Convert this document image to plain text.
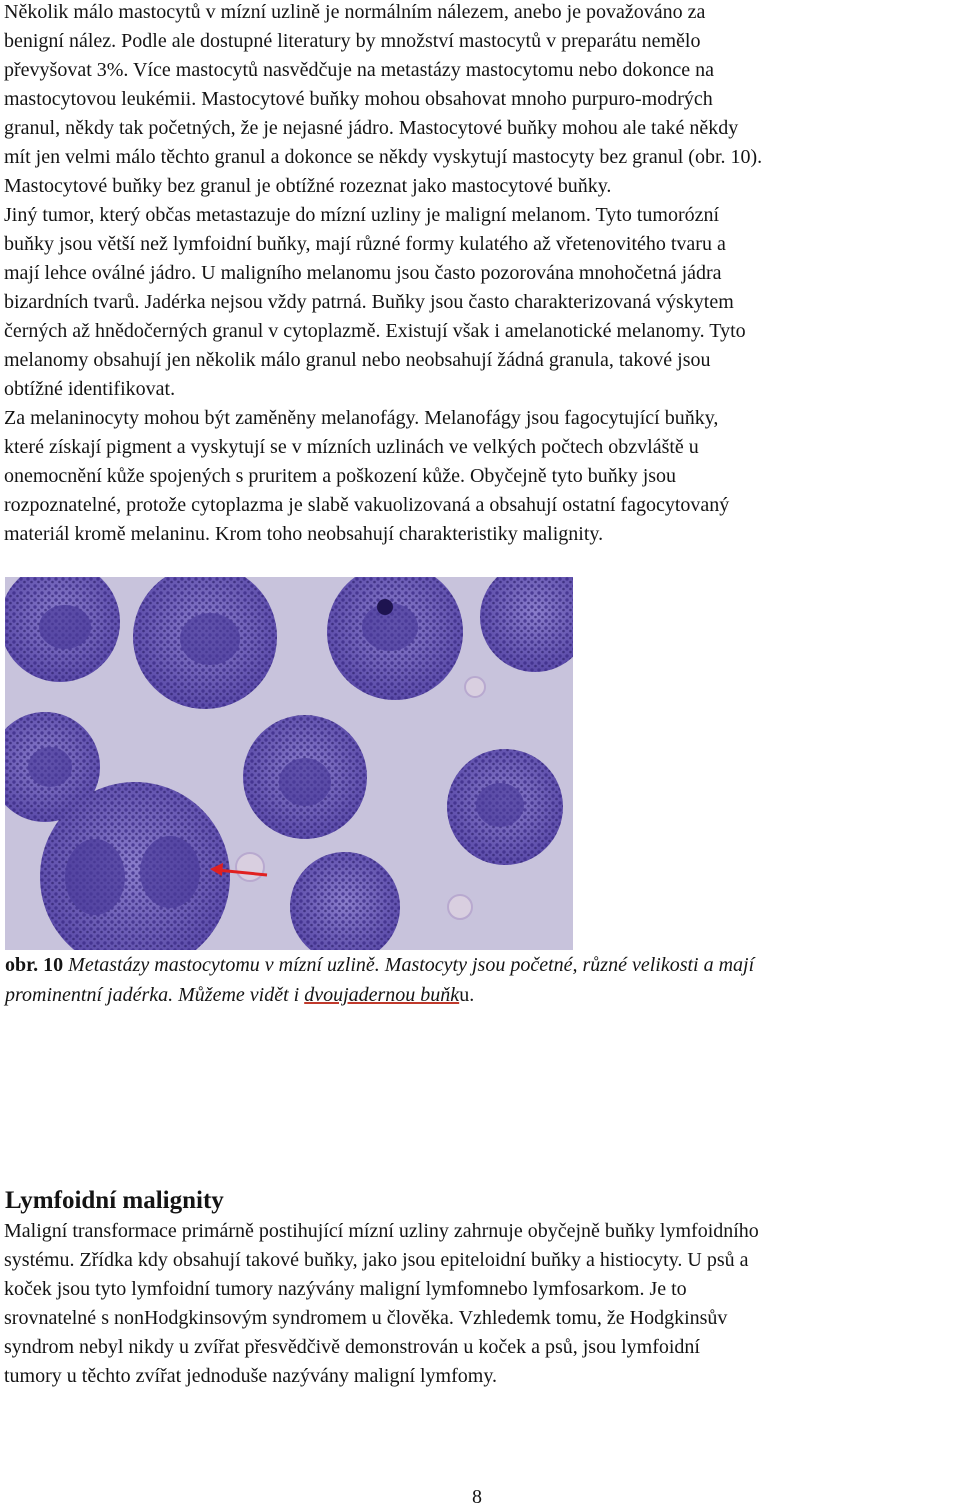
Několik málo mastocytů v mízní uzlině je normálním nálezem, anebo je považováno za
benigní nález. Podle ale dostupné literatury by množství mastocytů v preparátu nemělo
převyšovat 3%. Více mastocytů nasvědčuje na metastázy mastocytomu nebo dokonce na
mastocytovou leukémii. Mastocytové buňky mohou obsahovat mnoho purpuro-modrých
granul, někdy tak početných, že je nejasné jádro. Mastocytové buňky mohou ale také někdy
mít jen velmi málo těchto granul a dokonce se někdy vyskytují mastocyty bez granul (obr. 10).
Mastocytové buňky bez granul je obtížné rozeznat jako mastocytové buňky.
Jiný tumor, který občas metastazuje do mízní uzliny je maligní melanom. Tyto tumorózní
buňky jsou větší než lymfoidní buňky, mají různé formy kulatého až vřetenovitého tvaru a
mají lehce oválné jádro. U maligního melanomu jsou často pozorována mnohočetná jádra
bizardních tvarů. Jadérka nejsou vždy patrná. Buňky jsou často charakterizovaná výskytem
černých až hnědočerných granul v cytoplazmě. Existují však i amelanotické melanomy. Tyto
melanomy obsahují jen několik málo granul nebo neobsahují žádná granula, takové jsou
obtížné identifikovat.
Za melaninocyty mohou být zaměněny melanofágy. Melanofágy jsou fagocytující buňky,
které získají pigment a vyskytují se v mízních uzlinách ve velkých počtech obzvláště u
onemocnění kůže spojených s pruritem a poškození kůže. Obyčejně tyto buňky jsou
rozpoznatelné, protože cytoplazma je slabě vakuolizovaná a obsahují ostatní fagocytovaný
materiál kromě melaninu. Krom toho neobsahují charakteristiky malignity.
obr. 10 Metastázy mastocytomu v mízní uzlině. Mastocyty jsou početné, různé velikosti a mají
prominentní jadérka. Můžeme vidět i dvoujadernou buňku.
Lymfoidní malignity
Maligní transformace primárně postihující mízní uzliny zahrnuje obyčejně buňky lymfoidního
systému. Zřídka kdy obsahují takové buňky, jako jsou epiteloidní buňky a histiocyty. U psů a
koček jsou tyto lymfoidní tumory nazývány maligní lymfomnebo lymfosarkom. Je to
srovnatelné s nonHodgkinsovým syndromem u člověka. Vzhledemk tomu, že Hodgkinsův
syndrom nebyl nikdy u zvířat přesvědčivě demonstrován u koček a psů, jsou lymfoidní
tumory u těchto zvířat jednoduše nazývány maligní lymfomy.
8
